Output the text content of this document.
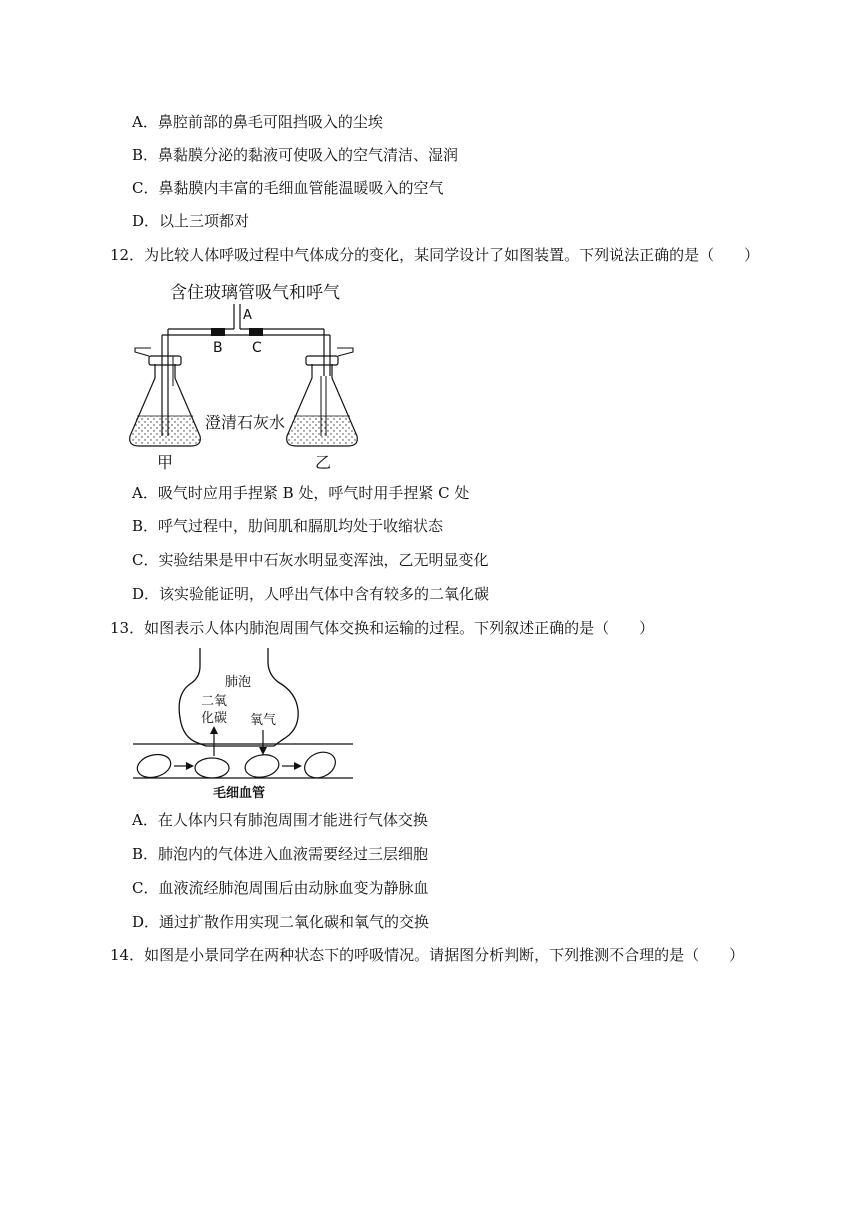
A．鼻腔前部的鼻毛可阻挡吸入的尘埃
B．鼻黏膜分泌的黏液可使吸入的空气清洁、湿润
C．鼻黏膜内丰富的毛细血管能温暖吸入的空气
D．以上三项都对
12．为比较人体呼吸过程中气体成分的变化，某同学设计了如图装置。下列说法正确的是（　　）
含住玻璃管吸气和呼气
A
B C
澄清石灰水
甲	乙
A．吸气时应用手捏紧 B 处，呼气时用手捏紧 C 处
B．呼气过程中，肋间肌和膈肌均处于收缩状态
C．实验结果是甲中石灰水明显变浑浊，乙无明显变化
D．该实验能证明，人呼出气体中含有较多的二氧化碳
13．如图表示人体内肺泡周围气体交换和运输的过程。下列叙述正确的是（　　）
肺泡
二氧
化碳 氧气
毛细血管
A．在人体内只有肺泡周围才能进行气体交换
B．肺泡内的气体进入血液需要经过三层细胞
C．血液流经肺泡周围后由动脉血变为静脉血
D．通过扩散作用实现二氧化碳和氧气的交换
14．如图是小景同学在两种状态下的呼吸情况。请据图分析判断，下列推测不合理的是（　　）
